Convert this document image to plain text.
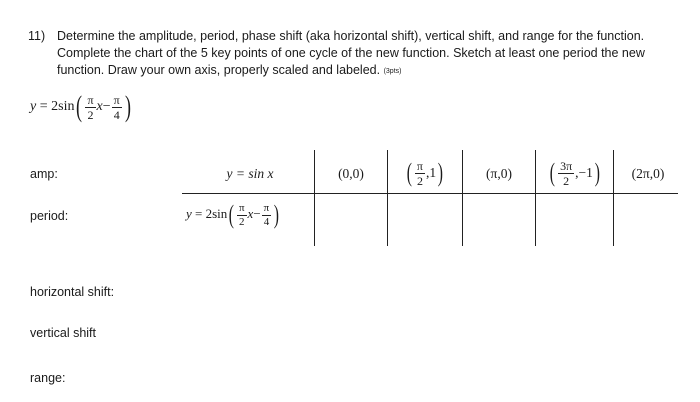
11) Determine the amplitude, period, phase shift (aka horizontal shift), vertical shift, and range for the function.
Complete the chart of the 5 key points of one cycle of the new function. Sketch at least one period the new
function. Draw your own axis, properly scaled and labeled. (3pts)
$y = 2\sin( \frac{\pi}{2} x- \frac{\pi}{4}$ )
amp:
period:
horizontal shift:
vertical shift
range:
y = sin x
$y = 2\sin( \frac{\pi}{2} x- \frac{\pi}{4}$ )
(0,0) ( $\frac{\pi}{2} ,1$ )	(π,0) ( $\frac{3\pi}{2} ,-1$ ) (2π,0)
